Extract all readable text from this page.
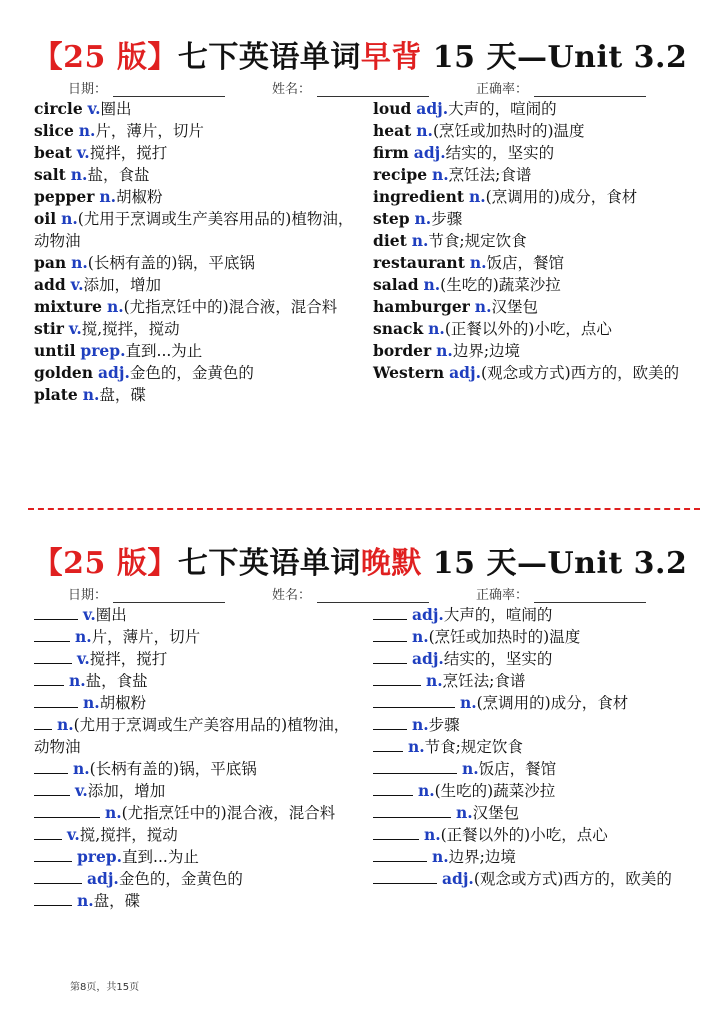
【25 版】七下英语单词早背 15 天—Unit 3.2
日期：	姓名：	正确率：
circle v.圈出
slice n.片，薄片，切片
beat v.搅拌，搅打
salt n.盐，食盐
pepper n.胡椒粉
oil n.(尤用于烹调或生产美容用品的)植物油，动物油
pan n.(长柄有盖的)锅，平底锅
add v.添加，增加
mixture n.(尤指烹饪中的)混合液，混合料
stir v.搅,搅拌，搅动
until prep.直到...为止
golden adj.金色的，金黄色的
plate n.盘，碟
loud adj.大声的，喧闹的
heat n.(烹饪或加热时的)温度
firm adj.结实的，坚实的
recipe n.烹饪法;食谱
ingredient n.(烹调用的)成分，食材
step n.步骤
diet n.节食;规定饮食
restaurant n.饭店，餐馆
salad n.(生吃的)蔬菜沙拉
hamburger n.汉堡包
snack n.(正餐以外的)小吃，点心
border n.边界;边境
Western adj.(观念或方式)西方的，欧美的
【25 版】七下英语单词晚默 15 天—Unit 3.2
日期：	姓名：	正确率：
v.圈出
n.片，薄片，切片
v.搅拌，搅打
n.盐，食盐
n.胡椒粉
n.(尤用于烹调或生产美容用品的)植物油，动物油
n.(长柄有盖的)锅，平底锅
v.添加，增加
n.(尤指烹饪中的)混合液，混合料
v.搅,搅拌，搅动
prep.直到...为止
adj.金色的，金黄色的
n.盘，碟
adj.大声的，喧闹的
n.(烹饪或加热时的)温度
adj.结实的，坚实的
n.烹饪法;食谱
n.(烹调用的)成分，食材
n.步骤
n.节食;规定饮食
n.饭店，餐馆
n.(生吃的)蔬菜沙拉
n.汉堡包
n.(正餐以外的)小吃，点心
n.边界;边境
adj.(观念或方式)西方的，欧美的
第8页，共15页
